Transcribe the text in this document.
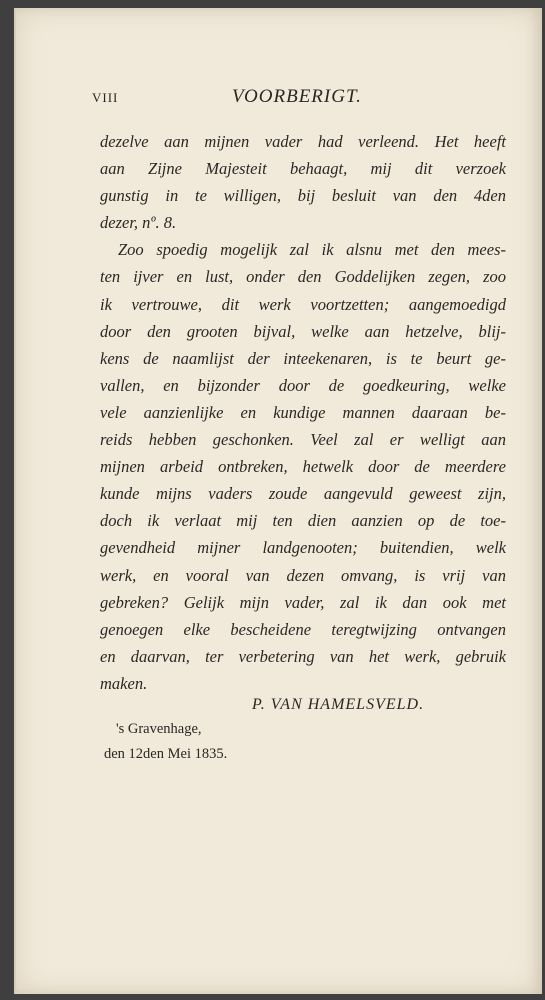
VIII	VOORBERIGT.
dezelve aan mijnen vader had verleend. Het heeft
aan Zijne Majesteit behaagt, mij dit verzoek
gunstig in te willigen, bij besluit van den 4den
dezer, nº. 8.
Zoo spoedig mogelijk zal ik alsnu met den mees-
ten ijver en lust, onder den Goddelijken zegen, zoo
ik vertrouwe, dit werk voortzetten; aangemoedigd
door den grooten bijval, welke aan hetzelve, blij-
kens de naamlijst der inteekenaren, is te beurt ge-
vallen, en bijzonder door de goedkeuring, welke
vele aanzienlijke en kundige mannen daaraan be-
reids hebben geschonken. Veel zal er welligt aan
mijnen arbeid ontbreken, hetwelk door de meerdere
kunde mijns vaders zoude aangevuld geweest zijn,
doch ik verlaat mij ten dien aanzien op de toe-
gevendheid mijner landgenooten; buitendien, welk
werk, en vooral van dezen omvang, is vrij van
gebreken? Gelijk mijn vader, zal ik dan ook met
genoegen elke bescheidene teregtwijzing ontvangen
en daarvan, ter verbetering van het werk, gebruik
maken.
P. VAN HAMELSVELD.
's Gravenhage,
den 12den Mei 1835.
